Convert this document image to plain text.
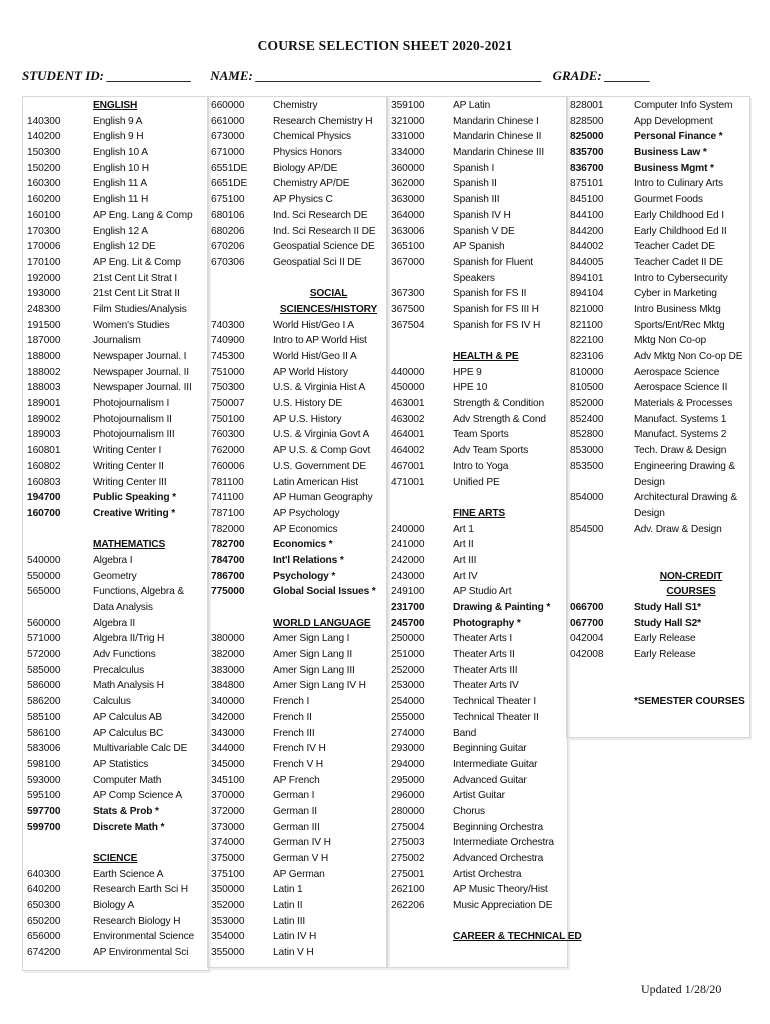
COURSE SELECTION SHEET 2020-2021
STUDENT ID: _____________ NAME: ____________________________________________ GRADE: _______
ENGLISH
140300	English 9 A
140200	English 9 H
150300	English 10 A
150200	English 10 H
160300	English 11 A
160200	English 11 H
160100	AP Eng. Lang & Comp
170300	English 12 A
170006	English 12 DE
170100	AP Eng. Lit & Comp
192000	21st Cent Lit Strat I
193000	21st Cent Lit Strat II
248300	Film Studies/Analysis
191500	Women's Studies
187000	Journalism
188000	Newspaper Journal. I
188002	Newspaper Journal. II
188003	Newspaper Journal. III
189001	Photojournalism I
189002	Photojournalism II
189003	Photojournalism III
160801	Writing Center I
160802	Writing Center II
160803	Writing Center III
194700	Public Speaking *
160700	Creative Writing *
MATHEMATICS
540000	Algebra I
550000	Geometry
565000	Functions, Algebra & Data Analysis
560000	Algebra II
571000	Algebra II/Trig H
572000	Adv Functions
585000	Precalculus
586000	Math Analysis H
586200	Calculus
585100	AP Calculus AB
586100	AP Calculus BC
583006	Multivariable Calc DE
598100	AP Statistics
593000	Computer Math
595100	AP Comp Science A
597700	Stats & Prob *
599700	Discrete Math *
SCIENCE
640300	Earth Science A
640200	Research Earth Sci H
650300	Biology A
650200	Research Biology H
656000	Environmental Science
674200	AP Environmental Sci
660000	Chemistry
661000	Research Chemistry H
673000	Chemical Physics
671000	Physics Honors
6551DE	Biology AP/DE
6651DE	Chemistry AP/DE
675100	AP Physics C
680106	Ind. Sci Research DE
680206	Ind. Sci Research II DE
670206	Geospatial Science DE
670306	Geospatial Sci II DE
SOCIAL SCIENCES/HISTORY
740300	World Hist/Geo I A
740900	Intro to AP World Hist
745300	World Hist/Geo II A
751000	AP World History
750300	U.S. & Virginia Hist A
750007	U.S. History DE
750100	AP U.S. History
760300	U.S. & Virginia Govt A
762000	AP U.S. & Comp Govt
760006	U.S. Government DE
781100	Latin American Hist
741100	AP Human Geography
787100	AP Psychology
782000	AP Economics
782700	Economics *
784700	Int'l Relations *
786700	Psychology *
775000	Global Social Issues *
WORLD LANGUAGE
380000	Amer Sign Lang I
382000	Amer Sign Lang II
383000	Amer Sign Lang III
384800	Amer Sign Lang IV H
340000	French I
342000	French II
343000	French III
344000	French IV H
345000	French V H
345100	AP French
370000	German I
372000	German II
373000	German III
374000	German IV H
375000	German V H
375100	AP German
350000	Latin 1
352000	Latin II
353000	Latin III
354000	Latin IV H
355000	Latin V H
359100	AP Latin
321000	Mandarin Chinese I
331000	Mandarin Chinese II
334000	Mandarin Chinese III
360000	Spanish I
362000	Spanish II
363000	Spanish III
364000	Spanish IV H
363006	Spanish V DE
365100	AP Spanish
367000	Spanish for Fluent Speakers
367300	Spanish for FS II
367500	Spanish for FS III H
367504	Spanish for FS IV H
HEALTH & PE
440000	HPE 9
450000	HPE 10
463001	Strength & Condition
463002	Adv Strength & Cond
464001	Team Sports
464002	Adv Team Sports
467001	Intro to Yoga
471001	Unified PE
FINE ARTS
240000	Art 1
241000	Art II
242000	Art III
243000	Art IV
249100	AP Studio Art
231700	Drawing & Painting *
245700	Photography *
250000	Theater Arts I
251000	Theater Arts II
252000	Theater Arts III
253000	Theater Arts IV
254000	Technical Theater I
255000	Technical Theater II
274000	Band
293000	Beginning Guitar
294000	Intermediate Guitar
295000	Advanced Guitar
296000	Artist Guitar
280000	Chorus
275004	Beginning Orchestra
275003	Intermediate Orchestra
275002	Advanced Orchestra
275001	Artist Orchestra
262100	AP Music Theory/Hist
262206	Music Appreciation DE
CAREER & TECHNICAL ED
828001	Computer Info System
828500	App Development
825000	Personal Finance *
835700	Business Law *
836700	Business Mgmt *
875101	Intro to Culinary Arts
845100	Gourmet Foods
844100	Early Childhood Ed I
844200	Early Childhood Ed II
844002	Teacher Cadet DE
844005	Teacher Cadet II DE
894101	Intro to Cybersecurity
894104	Cyber in Marketing
821000	Intro Business Mktg
821100	Sports/Ent/Rec Mktg
822100	Mktg Non Co-op
823106	Adv Mktg Non Co-op DE
810000	Aerospace Science
810500	Aerospace Science II
852000	Materials & Processes
852400	Manufact. Systems 1
852800	Manufact. Systems 2
853000	Tech. Draw & Design
853500	Engineering Drawing & Design
854000	Architectural Drawing & Design
854500	Adv. Draw & Design
NON-CREDIT COURSES
066700	Study Hall S1*
067700	Study Hall S2*
042004	Early Release
042008	Early Release
*SEMESTER COURSES
Updated 1/28/20
